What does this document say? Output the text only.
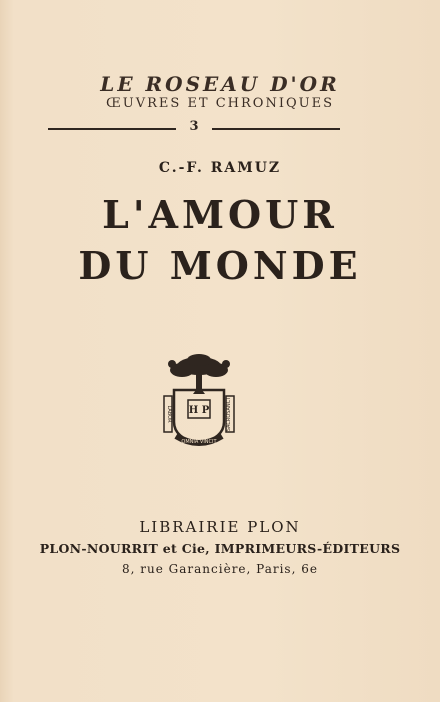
LE ROSEAU D'OR
ŒUVRES ET CHRONIQUES
3
C.-F. RAMUZ
L'AMOUR
DU MONDE
H P
LABOR	SACROSANCT
OMNIA VINCIT
LIBRAIRIE PLON
PLON-NOURRIT et Cie, IMPRIMEURS-ÉDITEURS
8, rue Garancière, Paris, 6e
